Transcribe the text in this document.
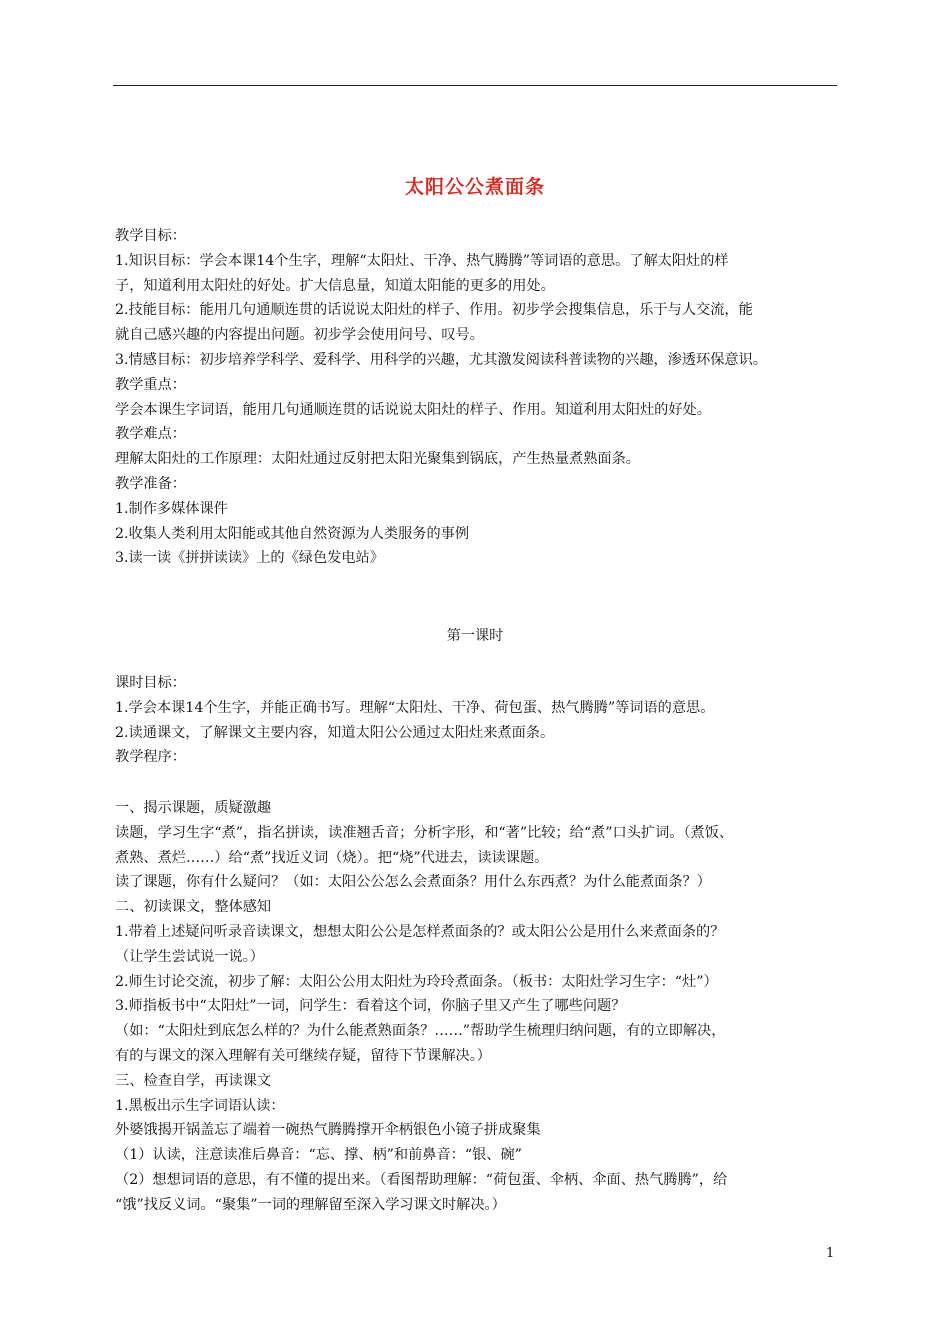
太阳公公煮面条

教学目标：

1.知识目标：学会本课14个生字，理解“太阳灶、干净、热气腾腾”等词语的意思。了解太阳灶的样

子，知道利用太阳灶的好处。扩大信息量，知道太阳能的更多的用处。

2.技能目标：能用几句通顺连贯的话说说太阳灶的样子、作用。初步学会搜集信息，乐于与人交流，能

就自己感兴趣的内容提出问题。初步学会使用问号、叹号。

3.情感目标：初步培养学科学、爱科学、用科学的兴趣，尤其激发阅读科普读物的兴趣，渗透环保意识。

教学重点：

学会本课生字词语，能用几句通顺连贯的话说说太阳灶的样子、作用。知道利用太阳灶的好处。

教学难点：

理解太阳灶的工作原理：太阳灶通过反射把太阳光聚集到锅底，产生热量煮熟面条。

教学准备：

1.制作多媒体课件

2.收集人类利用太阳能或其他自然资源为人类服务的事例

3.读一读《拼拼读读》上的《绿色发电站》

第一课时

课时目标：

1.学会本课14个生字，并能正确书写。理解“太阳灶、干净、荷包蛋、热气腾腾”等词语的意思。

2.读通课文，了解课文主要内容，知道太阳公公通过太阳灶来煮面条。

教学程序：

一、揭示课题，质疑激趣

读题，学习生字“煮”，指名拼读，读准翘舌音；分析字形，和“著”比较；给“煮”口头扩词。（煮饭、

煮熟、煮烂……）给“煮”找近义词（烧）。把“烧”代进去，读读课题。

读了课题，你有什么疑问？（如：太阳公公怎么会煮面条？用什么东西煮？为什么能煮面条？）

二、初读课文，整体感知

1.带着上述疑问听录音读课文，想想太阳公公是怎样煮面条的？或太阳公公是用什么来煮面条的？

（让学生尝试说一说。）

2.师生讨论交流，初步了解：太阳公公用太阳灶为玲玲煮面条。（板书：太阳灶学习生字：“灶”）

3.师指板书中“太阳灶”一词，问学生：看着这个词，你脑子里又产生了哪些问题？

（如：“太阳灶到底怎么样的？为什么能煮熟面条？……”帮助学生梳理归纳问题，有的立即解决，

有的与课文的深入理解有关可继续存疑，留待下节课解决。）

三、检查自学，再读课文

1.黑板出示生字词语认读：

外婆饿揭开锅盖忘了端着一碗热气腾腾撑开伞柄银色小镜子拼成聚集

（1）认读，注意读准后鼻音：“忘、撑、柄”和前鼻音：“银、碗”

（2）想想词语的意思，有不懂的提出来。（看图帮助理解：“荷包蛋、伞柄、伞面、热气腾腾”，给

“饿”找反义词。“聚集”一词的理解留至深入学习课文时解决。）

1
